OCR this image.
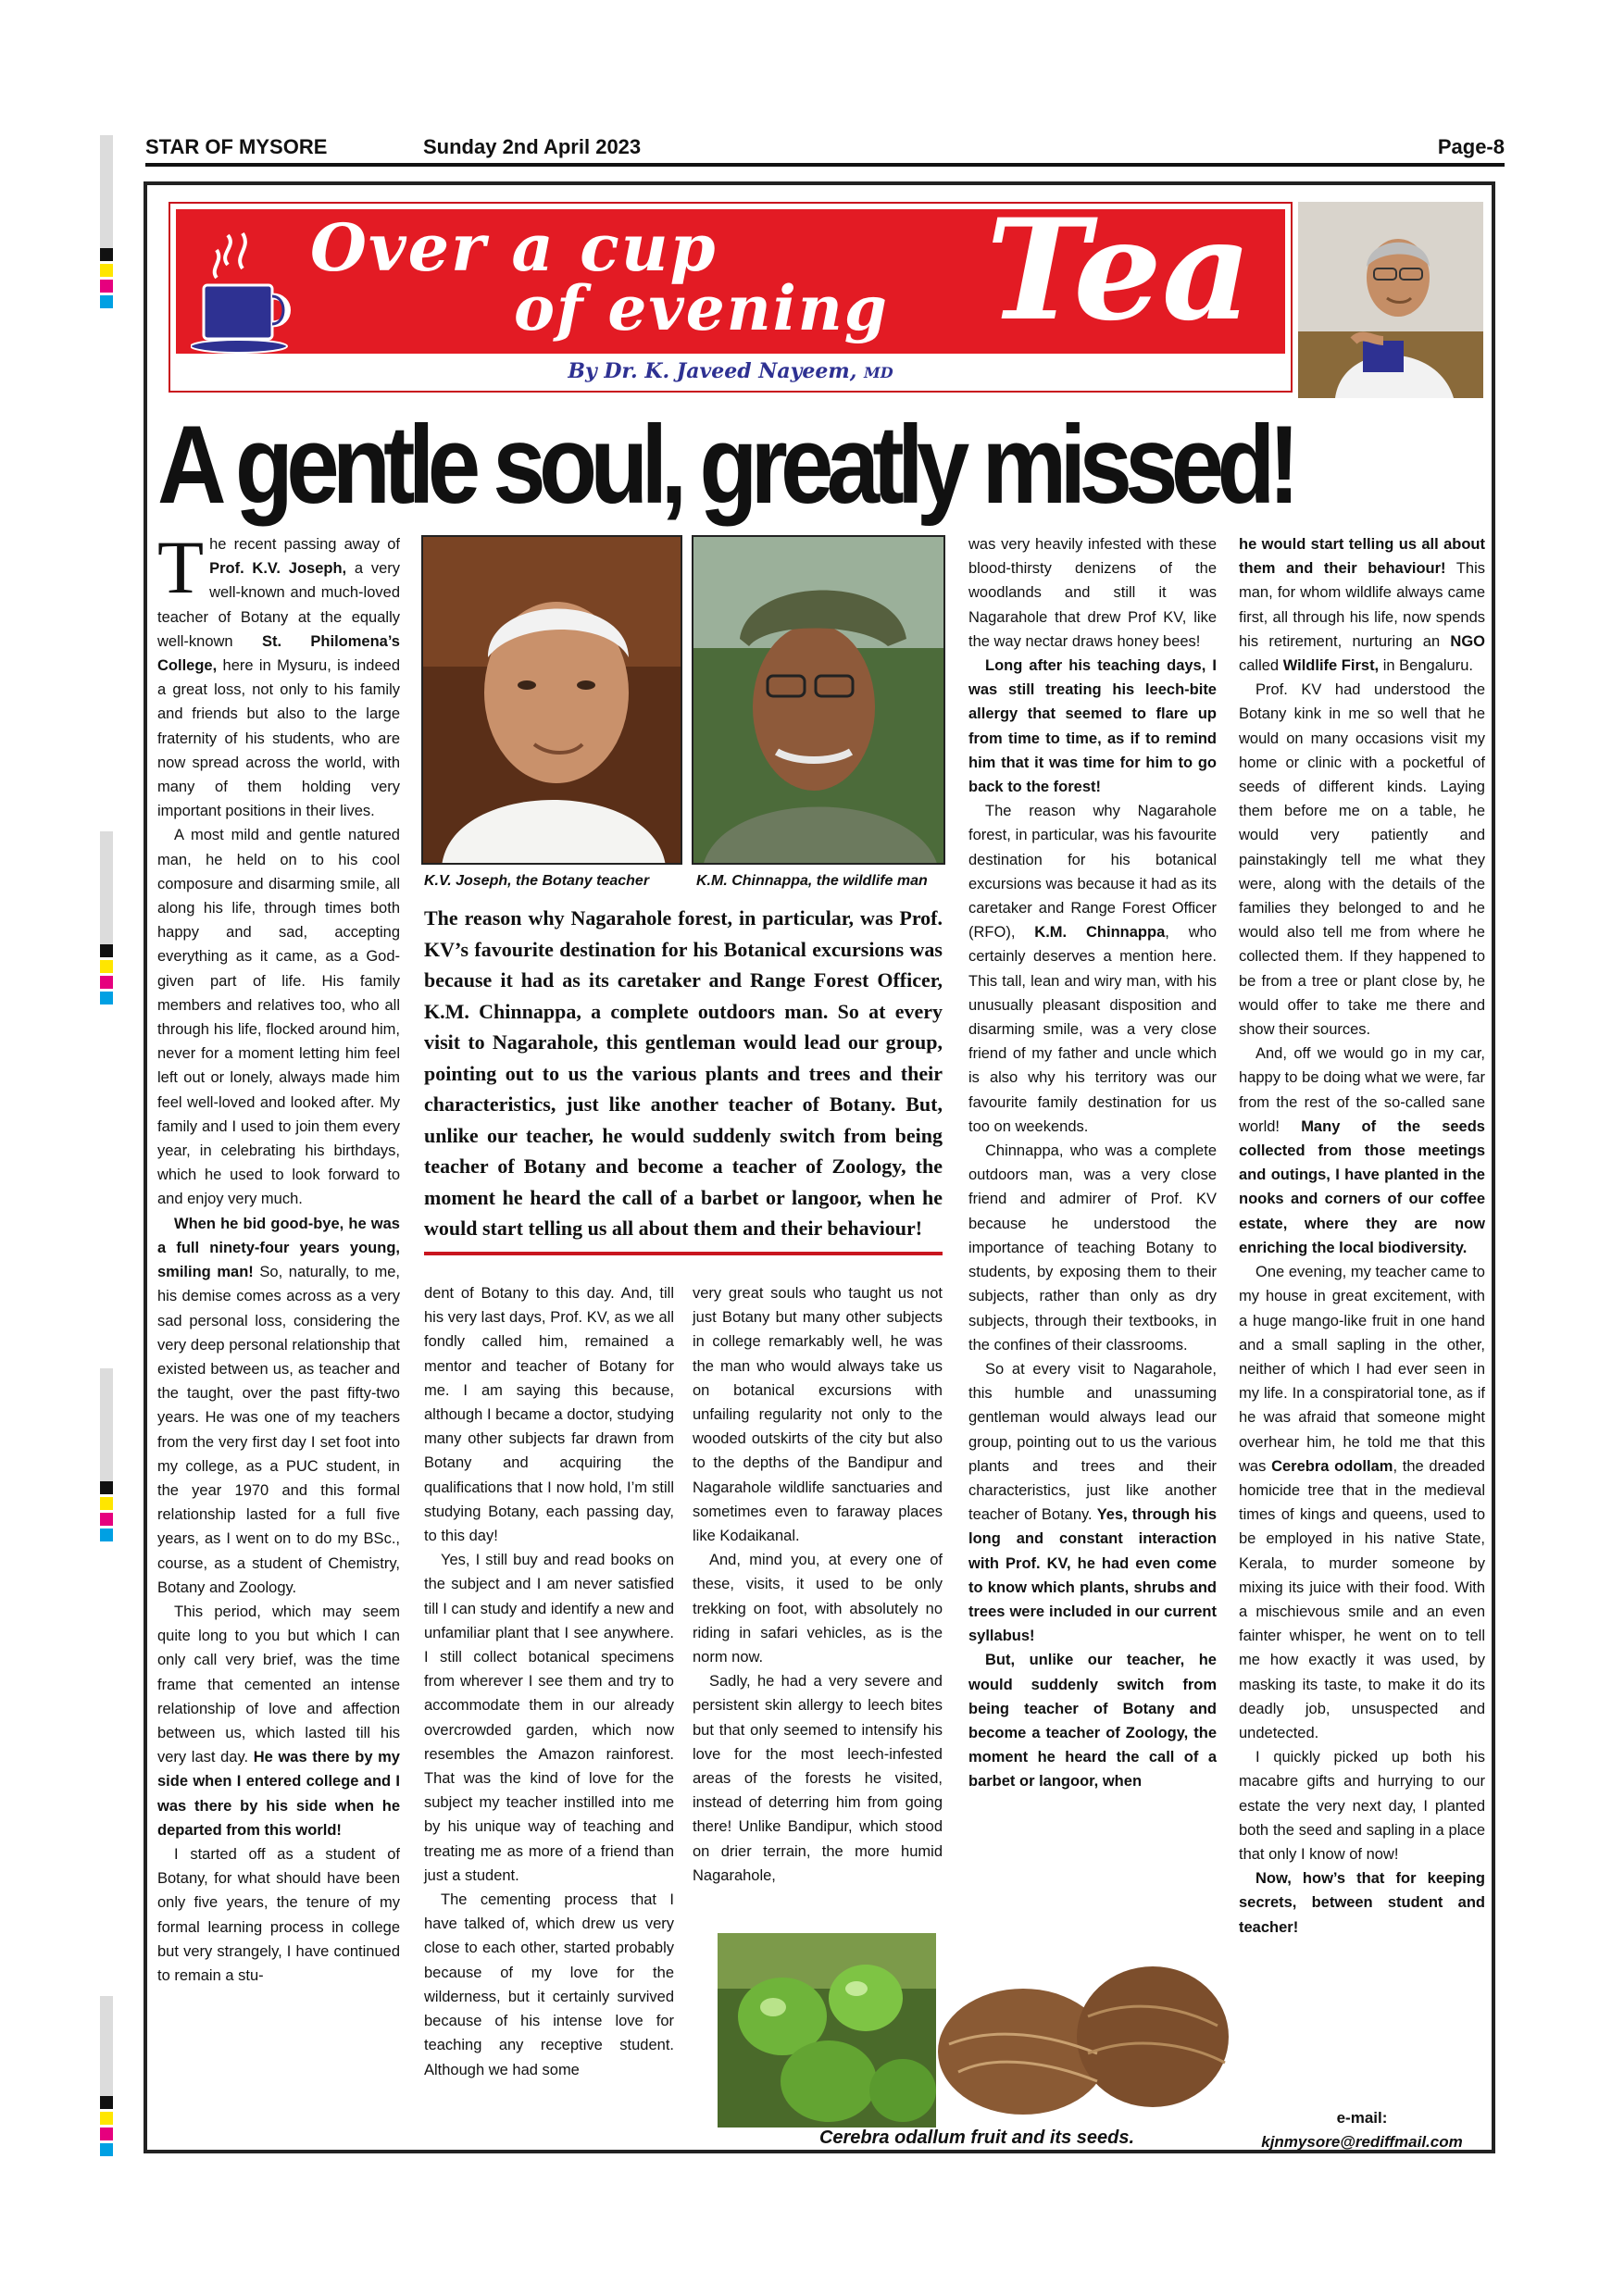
STAR OF MYSORE	Sunday 2nd April 2023	Page-8
Over a cup
of evening Tea
By Dr. K. Javeed Nayeem, MD
A gentle soul, greatly missed!

The recent passing away of Prof. K.V. Joseph, a very well-known and much-loved teacher of Botany at the equally well-known St. Philomena’s College, here in Mysuru, is indeed a great loss, not only to his family and friends but also to the large fraternity of his students, who are now spread across the world, with many of them holding very important positions in their lives.

A most mild and gentle natured man, he held on to his cool composure and disarming smile, all along his life, through times both happy and sad, accepting everything as it came, as a God-given part of life. His family members and relatives too, who all through his life, flocked around him, never for a moment letting him feel left out or lonely, always made him feel well-loved and looked after. My family and I used to join them every year, in celebrating his birthdays, which he used to look forward to and enjoy very much.

When he bid good-bye, he was a full ninety-four years young, smiling man! So, naturally, to me, his demise comes across as a very sad personal loss, considering the very deep personal relationship that existed between us, as teacher and the taught, over the past fifty-two years. He was one of my teachers from the very first day I set foot into my college, as a PUC student, in the year 1970 and this formal relationship lasted for a full five years, as I went on to do my BSc., course, as a student of Chemistry, Botany and Zoology.

This period, which may seem quite long to you but which I can only call very brief, was the time frame that cemented an intense relationship of love and affection between us, which lasted till his very last day. He was there by my side when I entered college and I was there by his side when he departed from this world!

I started off as a student of Botany, for what should have been only five years, the tenure of my formal learning process in college but very strangely, I have continued to remain a stu-

K.V. Joseph, the Botany teacher	K.M. Chinnappa, the wildlife man
The reason why Nagarahole forest, in particular, was Prof. KV’s favourite destination for his Botanical excursions was because it had as its caretaker and Range Forest Officer, K.M. Chinnappa, a complete outdoors man. So at every visit to Nagarahole, this gentleman would lead our group, pointing out to us the various plants and trees and their characteristics, just like another teacher of Botany. But, unlike our teacher, he would suddenly switch from being teacher of Botany and become a teacher of Zoology, the moment he heard the call of a barbet or langoor, when he would start telling us all about them and their behaviour!

dent of Botany to this day. And, till his very last days, Prof. KV, as we all fondly called him, remained a mentor and teacher of Botany for me. I am saying this because, although I became a doctor, studying many other subjects far drawn from Botany and acquiring the qualifications that I now hold, I’m still studying Botany, each passing day, to this day!

Yes, I still buy and read books on the subject and I am never satisfied till I can study and identify a new and unfamiliar plant that I see anywhere. I still collect botanical specimens from wherever I see them and try to accommodate them in our already overcrowded garden, which now resembles the Amazon rainforest. That was the kind of love for the subject my teacher instilled into me by his unique way of teaching and treating me as more of a friend than just a student.

The cementing process that I have talked of, which drew us very close to each other, started probably because of my love for the wilderness, but it certainly survived because of his intense love for teaching any receptive student. Although we had some

very great souls who taught us not just Botany but many other subjects in college remarkably well, he was the man who would always take us on botanical excursions with unfailing regularity not only to the wooded outskirts of the city but also to the depths of the Bandipur and Nagarahole wildlife sanctuaries and sometimes even to faraway places like Kodaikanal.

And, mind you, at every one of these, visits, it used to be only trekking on foot, with absolutely no riding in safari vehicles, as is the norm now.

Sadly, he had a very severe and persistent skin allergy to leech bites but that only seemed to intensify his love for the most leech-infested areas of the forests he visited, instead of deterring him from going there! Unlike Bandipur, which stood on drier terrain, the more humid Nagarahole,

was very heavily infested with these blood-thirsty denizens of the woodlands and still it was Nagarahole that drew Prof KV, like the way nectar draws honey bees!

Long after his teaching days, I was still treating his leech-bite allergy that seemed to flare up from time to time, as if to remind him that it was time for him to go back to the forest!

The reason why Nagarahole forest, in particular, was his favourite destination for his botanical excursions was because it had as its caretaker and Range Forest Officer (RFO), K.M. Chinnappa, who certainly deserves a mention here. This tall, lean and wiry man, with his unusually pleasant disposition and disarming smile, was a very close friend of my father and uncle which is also why his territory was our favourite family destination for us too on weekends.

Chinnappa, who was a complete outdoors man, was a very close friend and admirer of Prof. KV because he understood the importance of teaching Botany to students, by exposing them to their subjects, rather than only as dry subjects, through their textbooks, in the confines of their classrooms.

So at every visit to Nagarahole, this humble and unassuming gentleman would always lead our group, pointing out to us the various plants and trees and their characteristics, just like another teacher of Botany. Yes, through his long and constant interaction with Prof. KV, he had even come to know which plants, shrubs and trees were included in our current syllabus!

But, unlike our teacher, he would suddenly switch from being teacher of Botany and become a teacher of Zoology, the moment he heard the call of a barbet or langoor, when

he would start telling us all about them and their behaviour! This man, for whom wildlife always came first, all through his life, now spends his retirement, nurturing an NGO called Wildlife First, in Bengaluru.

Prof. KV had understood the Botany kink in me so well that he would on many occasions visit my home or clinic with a pocketful of seeds of different kinds. Laying them before me on a table, he would very patiently and painstakingly tell me what they were, along with the details of the families they belonged to and he would also tell me from where he collected them. If they happened to be from a tree or plant close by, he would offer to take me there and show their sources.

And, off we would go in my car, happy to be doing what we were, far from the rest of the so-called sane world! Many of the seeds collected from those meetings and outings, I have planted in the nooks and corners of our coffee estate, where they are now enriching the local biodiversity.

One evening, my teacher came to my house in great excitement, with a huge mango-like fruit in one hand and a small sapling in the other, neither of which I had ever seen in my life. In a conspiratorial tone, as if he was afraid that someone might overhear him, he told me that this was Cerebra odollam, the dreaded homicide tree that in the medieval times of kings and queens, used to be employed in his native State, Kerala, to murder someone by mixing its juice with their food. With a mischievous smile and an even fainter whisper, he went on to tell me how exactly it was used, by masking its taste, to make it do its deadly job, unsuspected and undetected.

I quickly picked up both his macabre gifts and hurrying to our estate the very next day, I planted both the seed and sapling in a place that only I know of now!

Now, how’s that for keeping secrets, between student and teacher!

e-mail:
kjnmysore@rediffmail.com
Cerebra odallum fruit and its seeds.
